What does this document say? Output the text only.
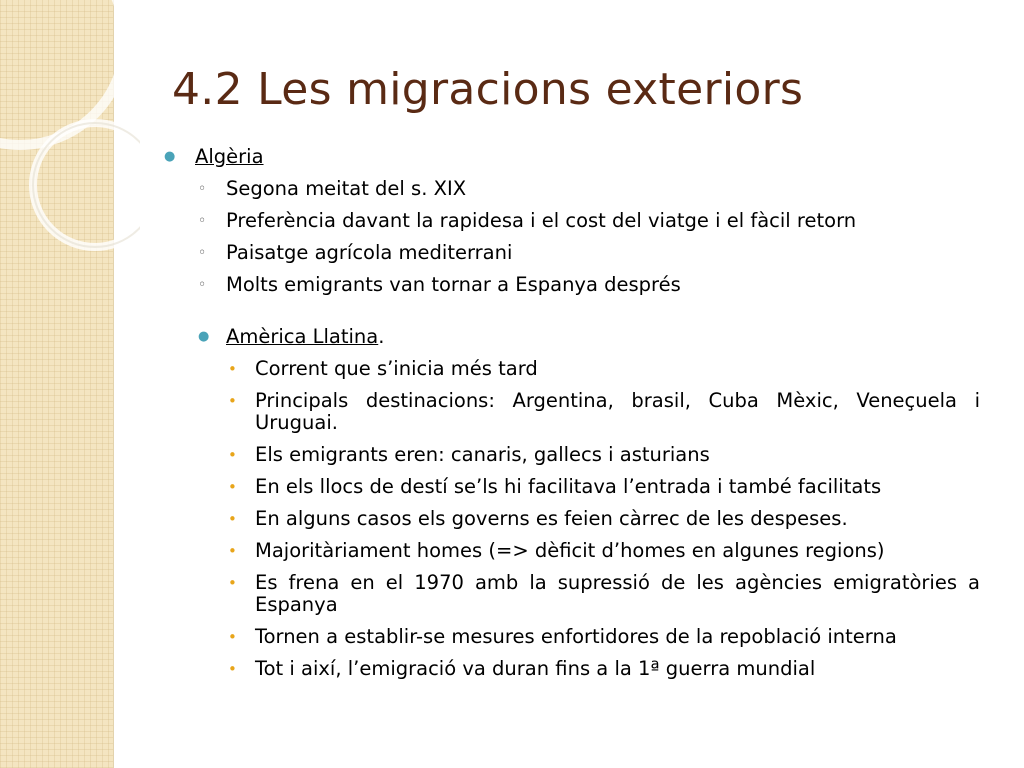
4.2 Les migracions exteriors
●	Algèria
◦	Segona meitat del s. XIX
◦	Preferència davant la rapidesa i el cost del viatge i el fàcil retorn
◦	Paisatge agrícola mediterrani
◦	Molts emigrants van tornar a Espanya després
● Amèrica Llatina.
• Corrent que s’inicia més tard
• Principals destinacions: Argentina, brasil, Cuba Mèxic, Veneçuela i Uruguai.
• Els emigrants eren: canaris, gallecs i asturians
• En els llocs de destí se’ls hi facilitava l’entrada i també facilitats
• En alguns casos els governs es feien càrrec de les despeses.
• Majoritàriament homes (=> dèficit d’homes en algunes regions)
• Es frena en el 1970 amb la supressió de les agències emigratòries a Espanya
• Tornen a establir-se mesures enfortidores de la repoblació interna
• Tot i així, l’emigració va duran fins a la 1ª guerra mundial
